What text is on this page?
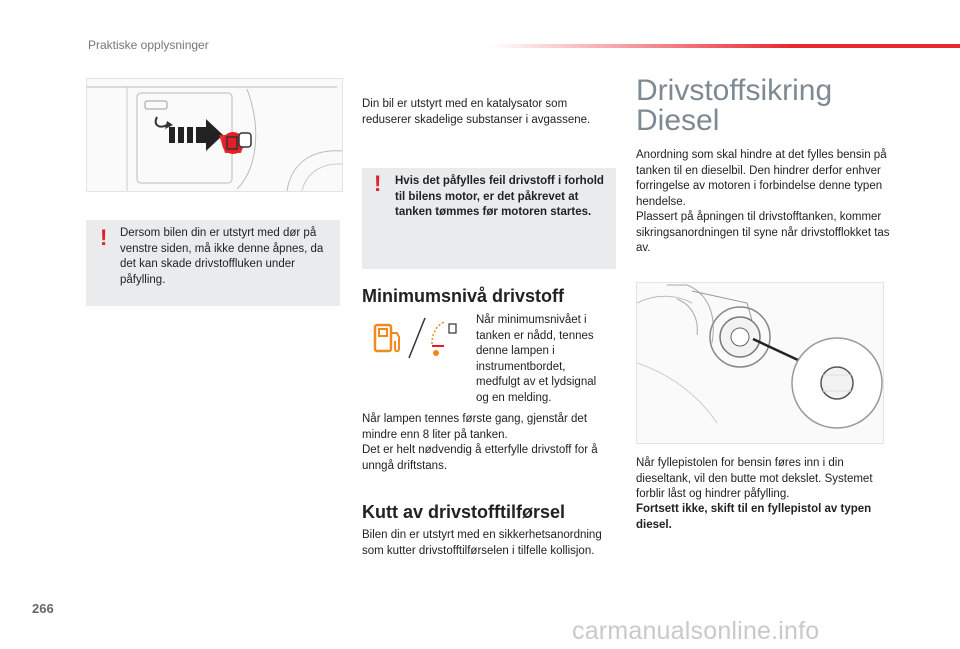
Praktiske opplysninger
! Dersom bilen din er utstyrt med dør på venstre siden, må ikke denne åpnes, da det kan skade drivstoffluken under påfylling.

Din bil er utstyrt med en katalysator som reduserer skadelige substanser i avgassene.

! Hvis det påfylles feil drivstoff i forhold til bilens motor, er det påkrevet at tanken tømmes før motoren startes.

Minimumsnivå drivstoff

Når minimumsnivået i tanken er nådd, tennes denne lampen i instrumentbordet, medfulgt av et lydsignal og en melding.

Når lampen tennes første gang, gjenstår det mindre enn 8 liter på tanken.

Det er helt nødvendig å etterfylle drivstoff for å unngå driftstans.

Kutt av drivstofftilførsel

Bilen din er utstyrt med en sikkerhetsanordning som kutter drivstofftilførselen i tilfelle kollisjon.

Drivstoffsikring
Diesel

Anordning som skal hindre at det fylles bensin på tanken til en dieselbil. Den hindrer derfor enhver forringelse av motoren i forbindelse denne typen hendelse.

Plassert på åpningen til drivstofftanken, kommer sikringsanordningen til syne når drivstofflokket tas av.

Når fyllepistolen for bensin føres inn i din dieseltank, vil den butte mot dekslet. Systemet forblir låst og hindrer påfylling.

Fortsett ikke, skift til en fyllepistol av typen diesel.

266
carmanualsonline.info
